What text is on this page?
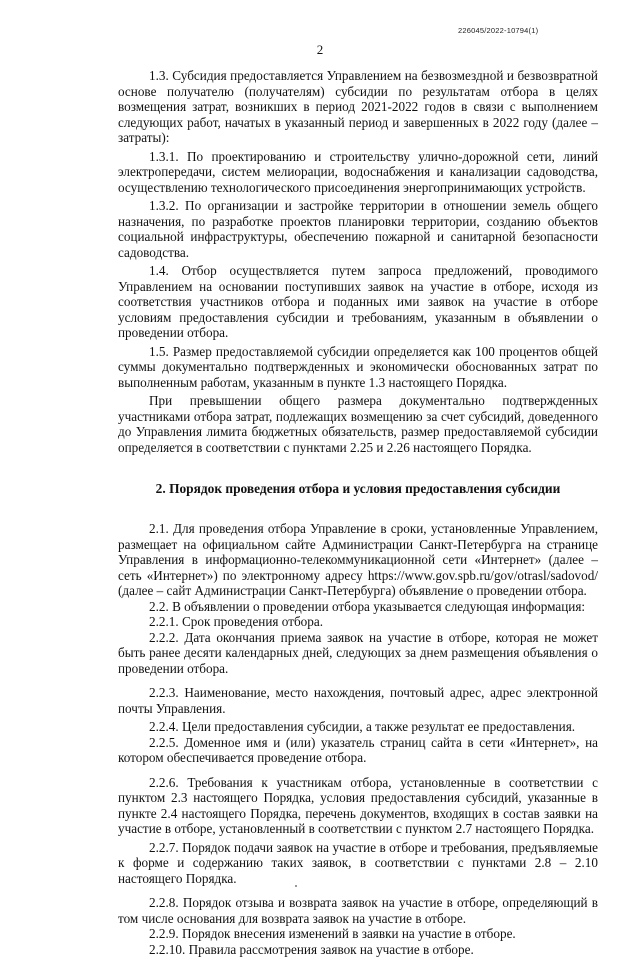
226045/2022-10794(1)
2

1.3. Субсидия предоставляется Управлением на безвозмездной и безвозвратной основе получателю (получателям) субсидии по результатам отбора в целях возмещения затрат, возникших в период 2021-2022 годов в связи с выполнением следующих работ, начатых в указанный период и завершенных в 2022 году (далее – затраты):

1.3.1. По проектированию и строительству улично-дорожной сети, линий электропередачи, систем мелиорации, водоснабжения и канализации садоводства, осуществлению технологического присоединения энергопринимающих устройств.

1.3.2. По организации и застройке территории в отношении земель общего назначения, по разработке проектов планировки территории, созданию объектов социальной инфраструктуры, обеспечению пожарной и санитарной безопасности садоводства.

1.4. Отбор осуществляется путем запроса предложений, проводимого Управлением на основании поступивших заявок на участие в отборе, исходя из соответствия участников отбора и поданных ими заявок на участие в отборе условиям предоставления субсидии и требованиям, указанным в объявлении о проведении отбора.

1.5. Размер предоставляемой субсидии определяется как 100 процентов общей суммы документально подтвержденных и экономически обоснованных затрат по выполненным работам, указанным в пункте 1.3 настоящего Порядка.

При превышении общего размера документально подтвержденных участниками отбора затрат, подлежащих возмещению за счет субсидий, доведенного до Управления лимита бюджетных обязательств, размер предоставляемой субсидии определяется в соответствии с пунктами 2.25 и 2.26 настоящего Порядка.

2. Порядок проведения отбора и условия предоставления субсидии

2.1. Для проведения отбора Управление в сроки, установленные Управлением, размещает на официальном сайте Администрации Санкт-Петербурга на странице Управления в информационно-телекоммуникационной сети «Интернет» (далее – сеть «Интернет») по электронному адресу https://www.gov.spb.ru/gov/otrasl/sadovod/ (далее – сайт Администрации Санкт-Петербурга) объявление о проведении отбора.

2.2. В объявлении о проведении отбора указывается следующая информация:

2.2.1. Срок проведения отбора.

2.2.2. Дата окончания приема заявок на участие в отборе, которая не может быть ранее десяти календарных дней, следующих за днем размещения объявления о проведении отбора.

2.2.3. Наименование, место нахождения, почтовый адрес, адрес электронной почты Управления.

2.2.4. Цели предоставления субсидии, а также результат ее предоставления.

2.2.5. Доменное имя и (или) указатель страниц сайта в сети «Интернет», на котором обеспечивается проведение отбора.

2.2.6. Требования к участникам отбора, установленные в соответствии с пунктом 2.3 настоящего Порядка, условия предоставления субсидий, указанные в пункте 2.4 настоящего Порядка, перечень документов, входящих в состав заявки на участие в отборе, установленный в соответствии с пунктом 2.7 настоящего Порядка.

2.2.7. Порядок подачи заявок на участие в отборе и требования, предъявляемые к форме и содержанию таких заявок, в соответствии с пунктами 2.8 – 2.10 настоящего Порядка.

2.2.8. Порядок отзыва и возврата заявок на участие в отборе, определяющий в том числе основания для возврата заявок на участие в отборе.

2.2.9. Порядок внесения изменений в заявки на участие в отборе.

2.2.10. Правила рассмотрения заявок на участие в отборе.
